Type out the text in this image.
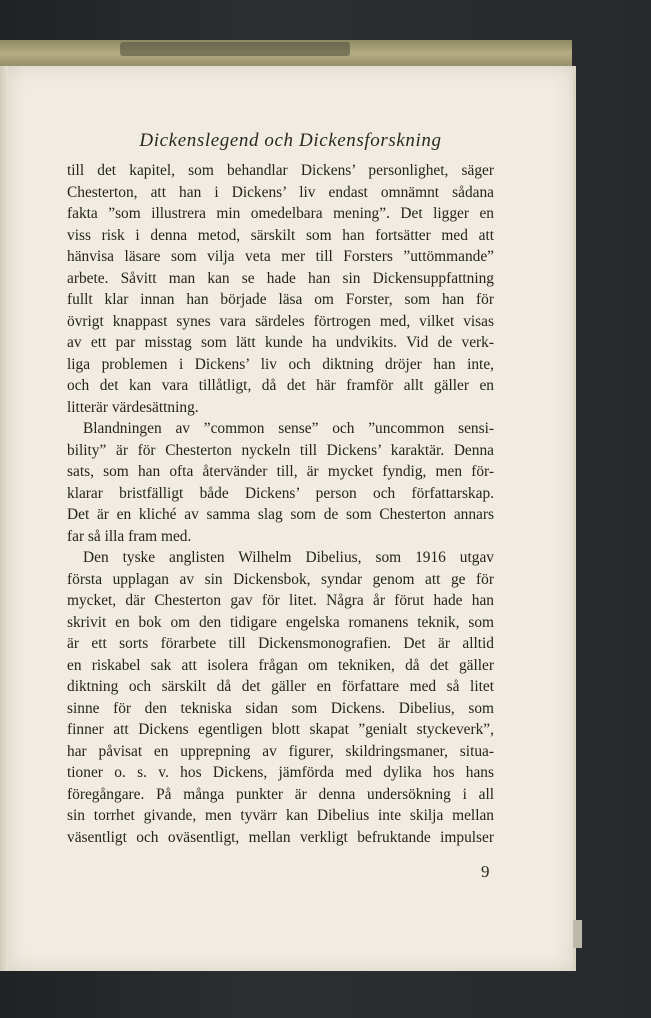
Dickenslegend och Dickensforskning
till det kapitel, som behandlar Dickens’ personlighet, säger
Chesterton, att han i Dickens’ liv endast omnämnt sådana
fakta ”som illustrera min omedelbara mening”. Det ligger en
viss risk i denna metod, särskilt som han fortsätter med att
hänvisa läsare som vilja veta mer till Forsters ”uttömmande”
arbete. Såvitt man kan se hade han sin Dickensuppfattning
fullt klar innan han började läsa om Forster, som han för
övrigt knappast synes vara särdeles förtrogen med, vilket visas
av ett par misstag som lätt kunde ha undvikits. Vid de verk-
liga problemen i Dickens’ liv och diktning dröjer han inte,
och det kan vara tillåtligt, då det här framför allt gäller en
litterär värdesättning.
Blandningen av ”common sense” och ”uncommon sensi-
bility” är för Chesterton nyckeln till Dickens’ karaktär. Denna
sats, som han ofta återvänder till, är mycket fyndig, men för-
klarar bristfälligt både Dickens’ person och författarskap.
Det är en kliché av samma slag som de som Chesterton annars
far så illa fram med.
Den tyske anglisten Wilhelm Dibelius, som 1916 utgav
första upplagan av sin Dickensbok, syndar genom att ge för
mycket, där Chesterton gav för litet. Några år förut hade han
skrivit en bok om den tidigare engelska romanens teknik, som
är ett sorts förarbete till Dickensmonografien. Det är alltid
en riskabel sak att isolera frågan om tekniken, då det gäller
diktning och särskilt då det gäller en författare med så litet
sinne för den tekniska sidan som Dickens. Dibelius, som
finner att Dickens egentligen blott skapat ”genialt styckeverk”,
har påvisat en upprepning av figurer, skildringsmaner, situa-
tioner o. s. v. hos Dickens, jämförda med dylika hos hans
föregångare. På många punkter är denna undersökning i all
sin torrhet givande, men tyvärr kan Dibelius inte skilja mellan
väsentligt och oväsentligt, mellan verkligt befruktande impulser
9
